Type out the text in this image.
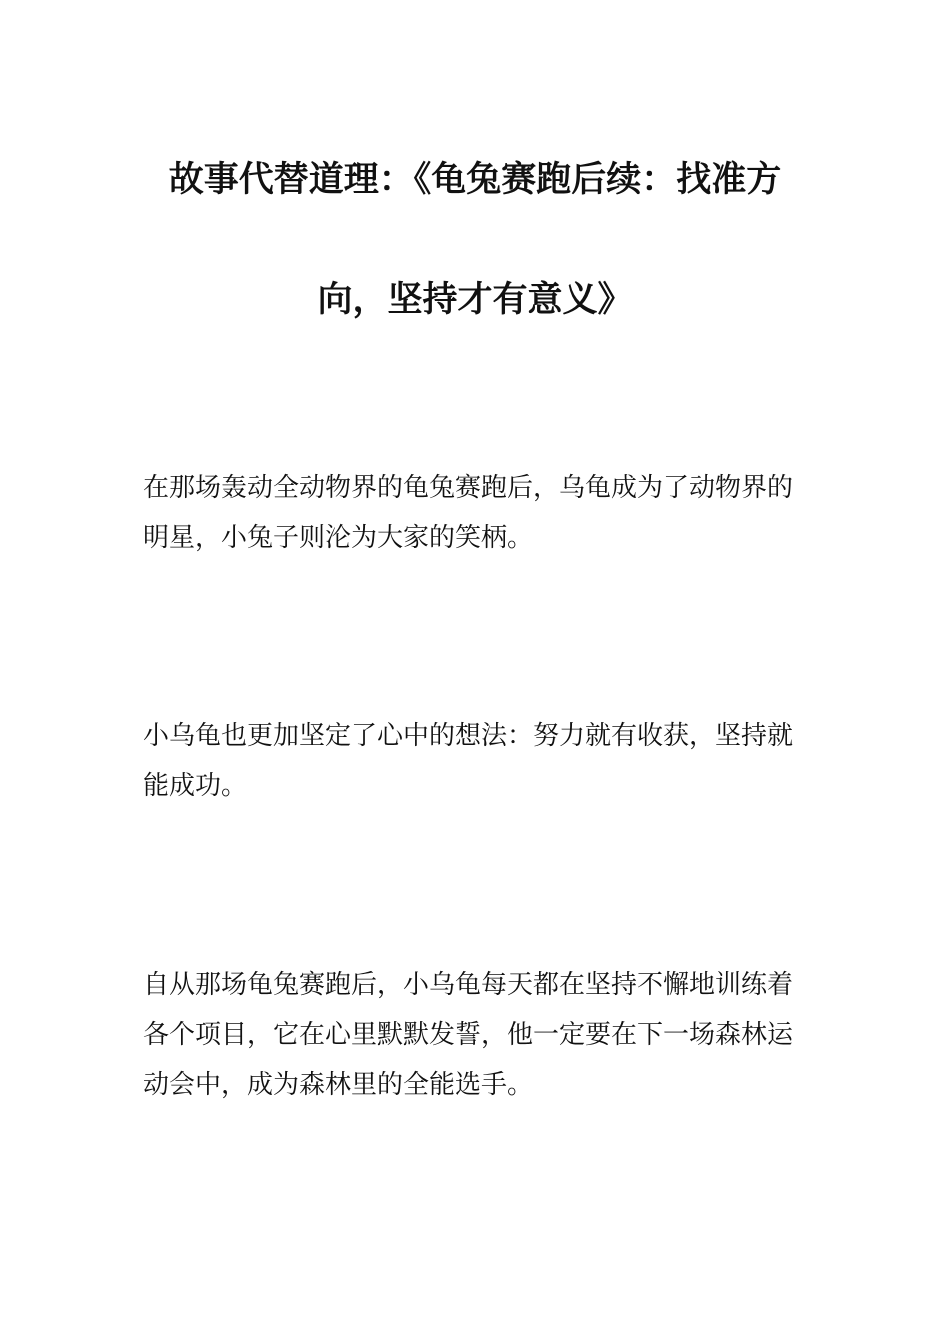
故事代替道理：《龟兔赛跑后续：找准方
向，坚持才有意义》

在那场轰动全动物界的龟兔赛跑后，乌龟成为了动物界的
明星，小兔子则沦为大家的笑柄。

小乌龟也更加坚定了心中的想法：努力就有收获，坚持就
能成功。

自从那场龟兔赛跑后，小乌龟每天都在坚持不懈地训练着
各个项目，它在心里默默发誓，他一定要在下一场森林运
动会中，成为森林里的全能选手。
